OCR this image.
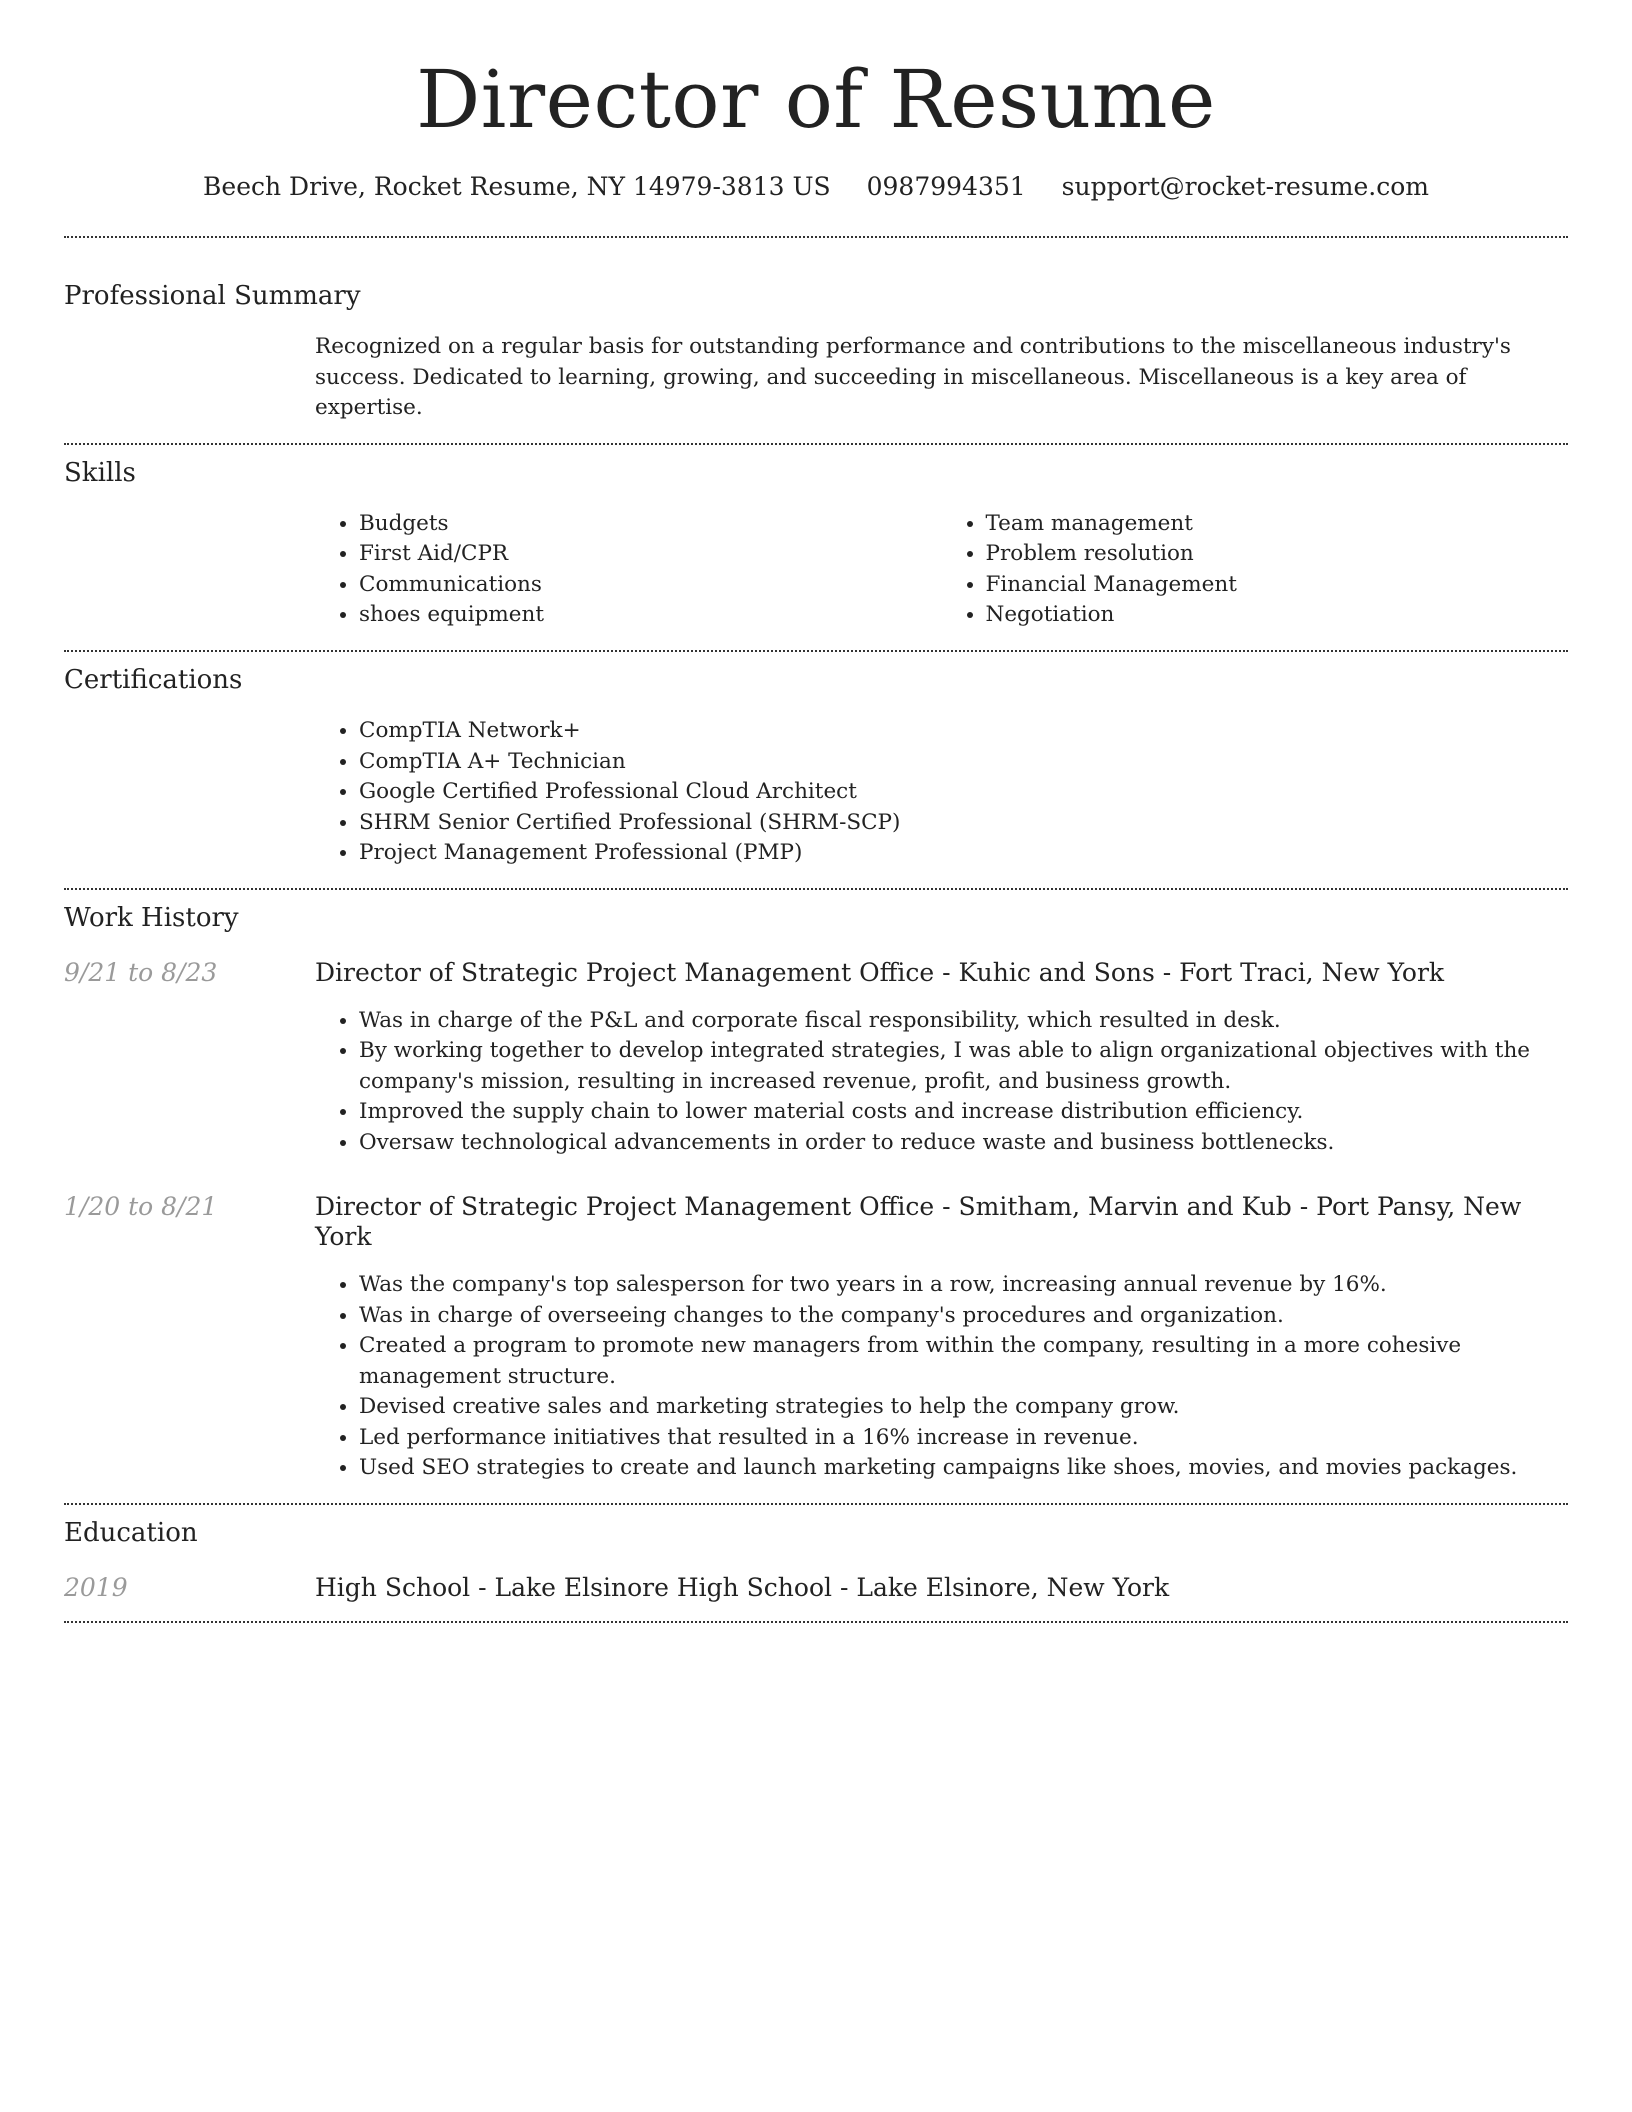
Director of Resume
Beech Drive, Rocket Resume, NY 14979-3813 US 0987994351 support@rocket-resume.com
Professional Summary
Recognized on a regular basis for outstanding performance and contributions to the miscellaneous industry's success. Dedicated to learning, growing, and succeeding in miscellaneous. Miscellaneous is a key area of expertise.
Skills
• Budgets
• First Aid/CPR
• Communications
• shoes equipment
• Team management
• Problem resolution
• Financial Management
• Negotiation
Certifications
• CompTIA Network+
• CompTIA A+ Technician
• Google Certified Professional Cloud Architect
• SHRM Senior Certified Professional (SHRM-SCP)
• Project Management Professional (PMP)
Work History
9/21 to 8/23	Director of Strategic Project Management Office - Kuhic and Sons - Fort Traci, New York
• Was in charge of the P&L and corporate fiscal responsibility, which resulted in desk.
• By working together to develop integrated strategies, I was able to align organizational objectives with the company's mission, resulting in increased revenue, profit, and business growth.
• Improved the supply chain to lower material costs and increase distribution efficiency.
• Oversaw technological advancements in order to reduce waste and business bottlenecks.
1/20 to 8/21	Director of Strategic Project Management Office - Smitham, Marvin and Kub - Port Pansy, New York
• Was the company's top salesperson for two years in a row, increasing annual revenue by 16%.
• Was in charge of overseeing changes to the company's procedures and organization.
• Created a program to promote new managers from within the company, resulting in a more cohesive management structure.
• Devised creative sales and marketing strategies to help the company grow.
• Led performance initiatives that resulted in a 16% increase in revenue.
• Used SEO strategies to create and launch marketing campaigns like shoes, movies, and movies packages.
Education
2019	High School - Lake Elsinore High School - Lake Elsinore, New York
